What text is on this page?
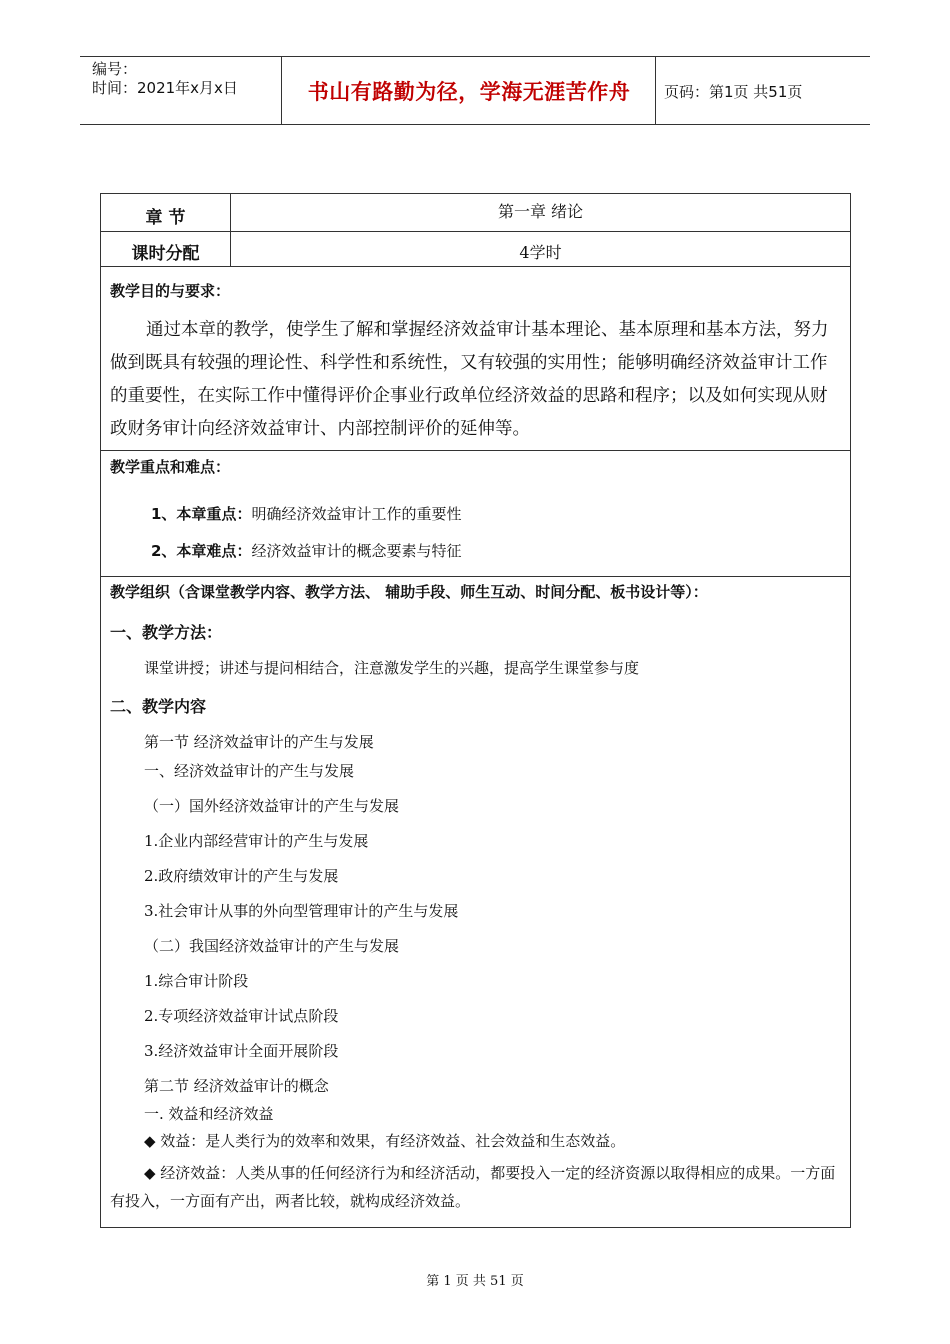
编号：
时间：2021年x月x日	书山有路勤为径，学海无涯苦作舟	页码：第1页 共51页
章 节	第一章 绪论
课时分配	4学时
教学目的与要求：
通过本章的教学，使学生了解和掌握经济效益审计基本理论、基本原理和基本方法，努力做到既具有较强的理论性、科学性和系统性，又有较强的实用性；能够明确经济效益审计工作的重要性，在实际工作中懂得评价企事业行政单位经济效益的思路和程序；以及如何实现从财政财务审计向经济效益审计、内部控制评价的延伸等。
教学重点和难点：
1、本章重点：明确经济效益审计工作的重要性
2、本章难点：经济效益审计的概念要素与特征
教学组织（含课堂教学内容、教学方法、 辅助手段、师生互动、时间分配、板书设计等）：
一、教学方法：
课堂讲授；讲述与提问相结合，注意激发学生的兴趣，提高学生课堂参与度
二、教学内容
第一节 经济效益审计的产生与发展
一、经济效益审计的产生与发展
（一）国外经济效益审计的产生与发展
1.企业内部经营审计的产生与发展
2.政府绩效审计的产生与发展
3.社会审计从事的外向型管理审计的产生与发展
（二）我国经济效益审计的产生与发展
1.综合审计阶段
2.专项经济效益审计试点阶段
3.经济效益审计全面开展阶段
第二节 经济效益审计的概念
一. 效益和经济效益
◆ 效益：是人类行为的效率和效果，有经济效益、社会效益和生态效益。
◆ 经济效益：人类从事的任何经济行为和经济活动，都要投入一定的经济资源以取得相应的成果。一方面有投入，一方面有产出，两者比较，就构成经济效益。
第 1 页 共 51 页
